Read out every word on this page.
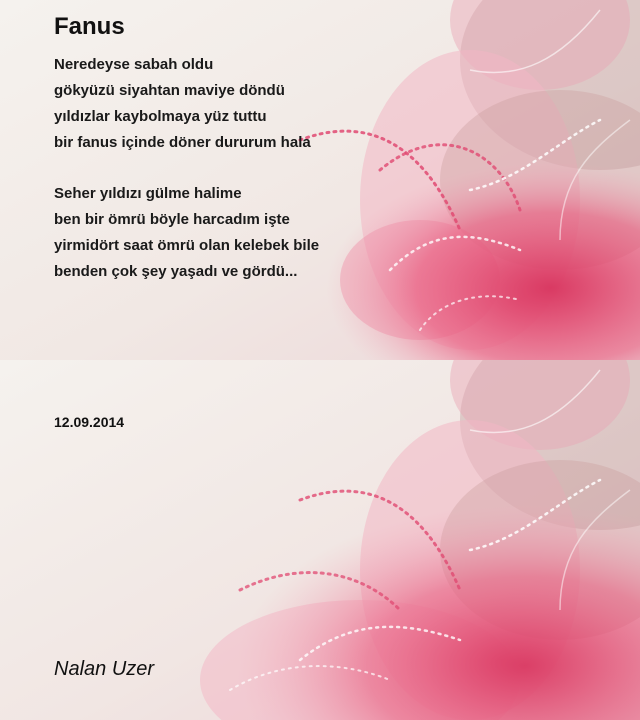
Fanus
Neredeyse sabah oldu
gökyüzü siyahtan maviye döndü
yıldızlar kaybolmaya yüz tuttu
bir fanus içinde döner dururum hala
Seher yıldızı gülme halime
ben bir ömrü böyle harcadım işte
yirmidört saat ömrü olan kelebek bile
benden çok şey yaşadı ve gördü...
12.09.2014
Nalan Uzer
